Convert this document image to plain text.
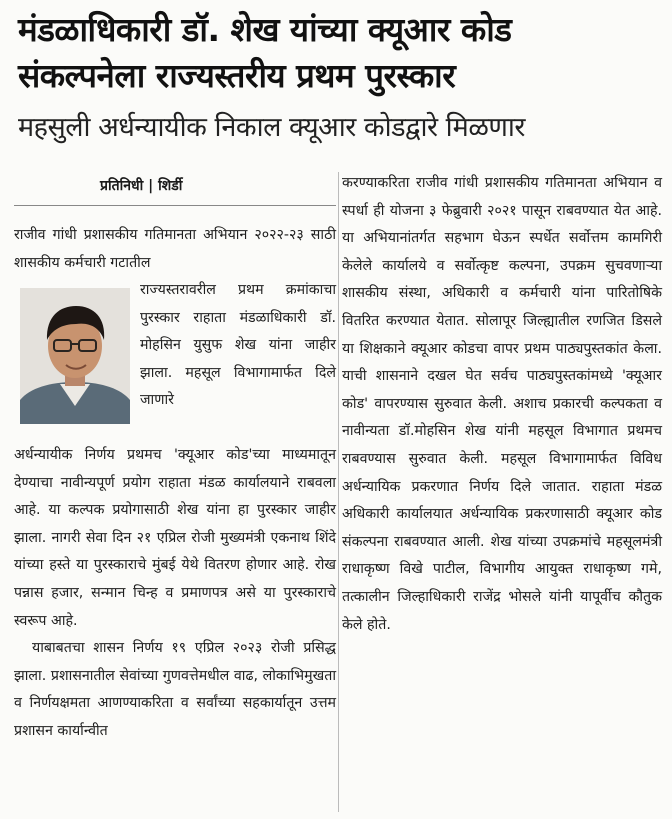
मंडळाधिकारी डॉ. शेख यांच्या क्यूआर कोड
संकल्पनेला राज्यस्तरीय प्रथम पुरस्कार
महसुली अर्धन्यायीक निकाल क्यूआर कोडद्वारे मिळणार
प्रतिनिधी | शिर्डी

राजीव गांधी प्रशासकीय गतिमानता अभियान २०२२-२३ साठी शासकीय कर्मचारी गटातील

राज्यस्तरावरील प्रथम क्रमांकाचा पुरस्कार राहाता मंडळाधिकारी डॉ. मोहसिन युसुफ शेख यांना जाहीर झाला. महसूल विभागामार्फत दिले जाणारे

अर्धन्यायीक निर्णय प्रथमच 'क्यूआर कोड'च्या माध्यमातून देण्याचा नावीन्यपूर्ण प्रयोग राहाता मंडळ कार्यालयाने राबवला आहे. या कल्पक प्रयोगासाठी शेख यांना हा पुरस्कार जाहीर झाला. नागरी सेवा दिन २१ एप्रिल रोजी मुख्यमंत्री एकनाथ शिंदे यांच्या हस्ते या पुरस्काराचे मुंबई येथे वितरण होणार आहे. रोख पन्नास हजार, सन्मान चिन्ह व प्रमाणपत्र असे या पुरस्काराचे स्वरूप आहे.

याबाबतचा शासन निर्णय १९ एप्रिल २०२३ रोजी प्रसिद्ध झाला. प्रशासनातील सेवांच्या गुणवत्तेमधील वाढ, लोकाभिमुखता व निर्णयक्षमता आणण्याकरिता व सर्वांच्या सहकार्यातून उत्तम प्रशासन कार्यान्वीत

करण्याकरिता राजीव गांधी प्रशासकीय गतिमानता अभियान व स्पर्धा ही योजना ३ फेब्रुवारी २०२१ पासून राबवण्यात येत आहे. या अभियानांतर्गत सहभाग घेऊन स्पर्धेत सर्वोत्तम कामगिरी केलेले कार्यालये व सर्वोत्कृष्ट कल्पना, उपक्रम सुचवणाऱ्या शासकीय संस्था, अधिकारी व कर्मचारी यांना पारितोषिके वितरित करण्यात येतात. सोलापूर जिल्ह्यातील रणजित डिसले या शिक्षकाने क्यूआर कोडचा वापर प्रथम पाठ्यपुस्तकांत केला. याची शासनाने दखल घेत सर्वच पाठ्यपुस्तकांमध्ये 'क्यूआर कोड' वापरण्यास सुरुवात केली. अशाच प्रकारची कल्पकता व नावीन्यता डॉ.मोहसिन शेख यांनी महसूल विभागात प्रथमच राबवण्यास सुरुवात केली. महसूल विभागामार्फत विविध अर्धन्यायिक प्रकरणात निर्णय दिले जातात. राहाता मंडळ अधिकारी कार्यालयात अर्धन्यायिक प्रकरणासाठी क्यूआर कोड संकल्पना राबवण्यात आली. शेख यांच्या उपक्रमांचे महसूलमंत्री राधाकृष्ण विखे पाटील, विभागीय आयुक्त राधाकृष्ण गमे, तत्कालीन जिल्हाधिकारी राजेंद्र भोसले यांनी यापूर्वीच कौतुक केले होते.
